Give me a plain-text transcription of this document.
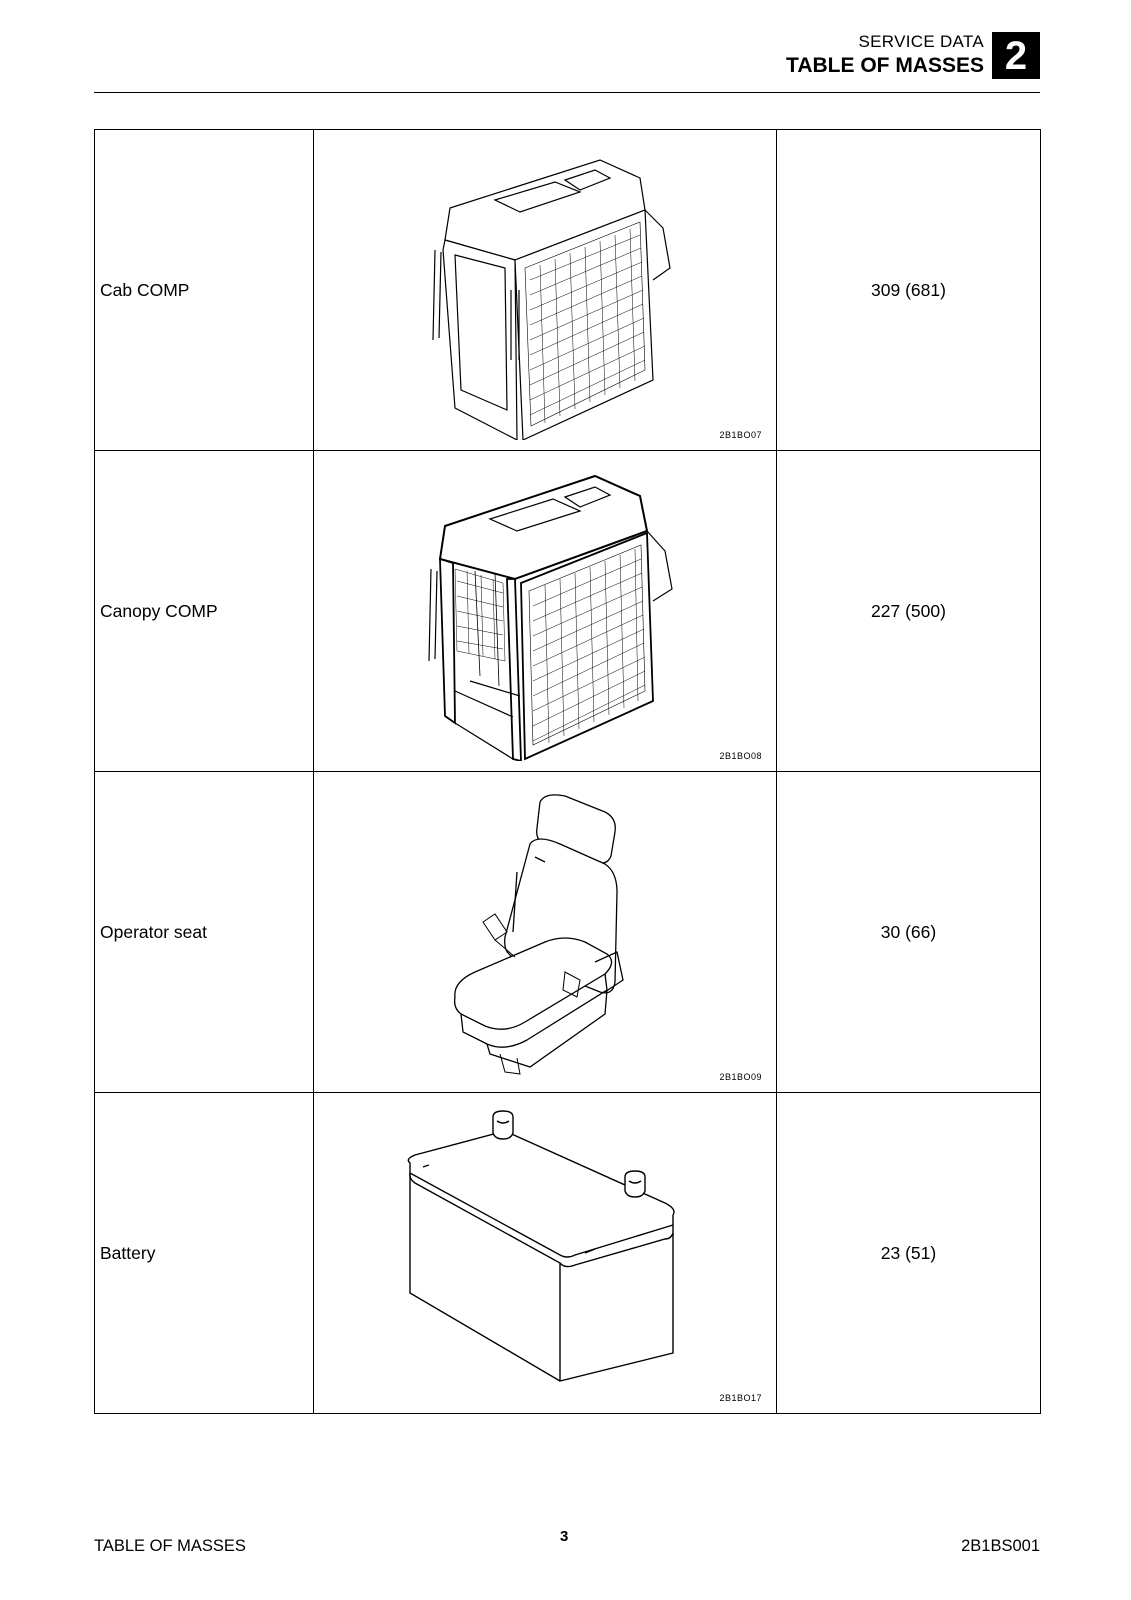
SERVICE DATA
TABLE OF MASSES 2
Cab COMP	2B1BO07	309 (681)
Canopy COMP	2B1BO08	227 (500)
Operator seat	2B1BO09	30 (66)
Battery	2B1BO17	23 (51)
TABLE OF MASSES
3
2B1BS001
